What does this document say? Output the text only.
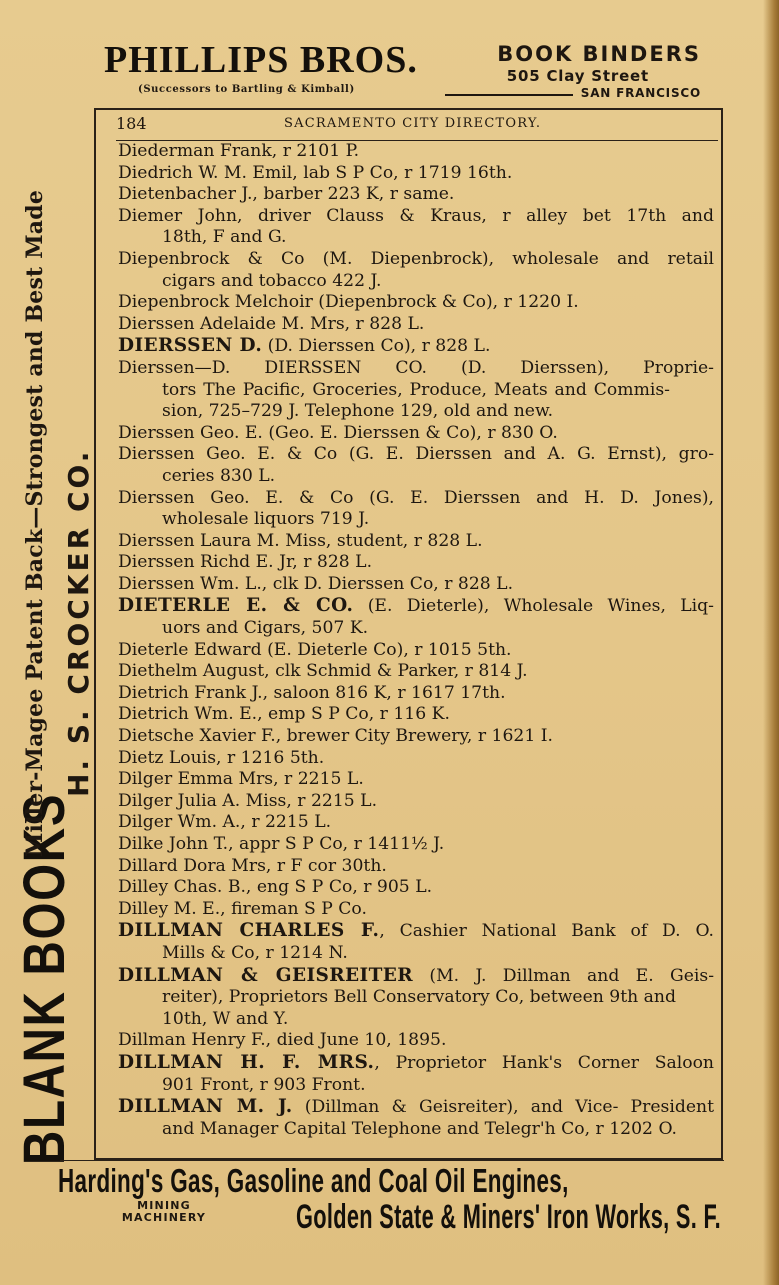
PHILLIPS BROS.
(Successors to Bartling & Kimball)
BOOK BINDERS
505 Clay Street
SAN FRANCISCO
BLANK BOOKS
Miller-Magee Patent Back—Strongest and Best Made H. S. CROCKER CO.
184	SACRAMENTO CITY DIRECTORY.
Diederman Frank, r 2101 P.
Diedrich W. M. Emil, lab S P Co, r 1719 16th.
Dietenbacher J., barber 223 K, r same.
Diemer John, driver Clauss & Kraus, r alley bet 17th and
18th, F and G.
Diepenbrock & Co (M. Diepenbrock), wholesale and retail
cigars and tobacco 422 J.
Diepenbrock Melchoir (Diepenbrock & Co), r 1220 I.
Dierssen Adelaide M. Mrs, r 828 L.
DIERSSEN D. (D. Dierssen Co), r 828 L.
Dierssen—D. DIERSSEN CO. (D. Dierssen), Proprie-
tors The Pacific, Groceries, Produce, Meats and Commis-
sion, 725–729 J. Telephone 129, old and new.
Dierssen Geo. E. (Geo. E. Dierssen & Co), r 830 O.
Dierssen Geo. E. & Co (G. E. Dierssen and A. G. Ernst), gro-
ceries 830 L.
Dierssen Geo. E. & Co (G. E. Dierssen and H. D. Jones),
wholesale liquors 719 J.
Dierssen Laura M. Miss, student, r 828 L.
Dierssen Richd E. Jr, r 828 L.
Dierssen Wm. L., clk D. Dierssen Co, r 828 L.
DIETERLE E. & CO. (E. Dieterle), Wholesale Wines, Liq-
uors and Cigars, 507 K.
Dieterle Edward (E. Dieterle Co), r 1015 5th.
Diethelm August, clk Schmid & Parker, r 814 J.
Dietrich Frank J., saloon 816 K, r 1617 17th.
Dietrich Wm. E., emp S P Co, r 116 K.
Dietsche Xavier F., brewer City Brewery, r 1621 I.
Dietz Louis, r 1216 5th.
Dilger Emma Mrs, r 2215 L.
Dilger Julia A. Miss, r 2215 L.
Dilger Wm. A., r 2215 L.
Dilke John T., appr S P Co, r 1411½ J.
Dillard Dora Mrs, r F cor 30th.
Dilley Chas. B., eng S P Co, r 905 L.
Dilley M. E., fireman S P Co.
DILLMAN CHARLES F., Cashier National Bank of D. O.
Mills & Co, r 1214 N.
DILLMAN & GEISREITER (M. J. Dillman and E. Geis-
reiter), Proprietors Bell Conservatory Co, between 9th and
10th, W and Y.
Dillman Henry F., died June 10, 1895.
DILLMAN H. F. MRS., Proprietor Hank's Corner Saloon
901 Front, r 903 Front.
DILLMAN M. J. (Dillman & Geisreiter), and Vice- President
and Manager Capital Telephone and Telegr'h Co, r 1202 O.
Harding's Gas, Gasoline and Coal Oil Engines,
MINING
MACHINERY	Golden State & Miners' Iron Works, S. F.
